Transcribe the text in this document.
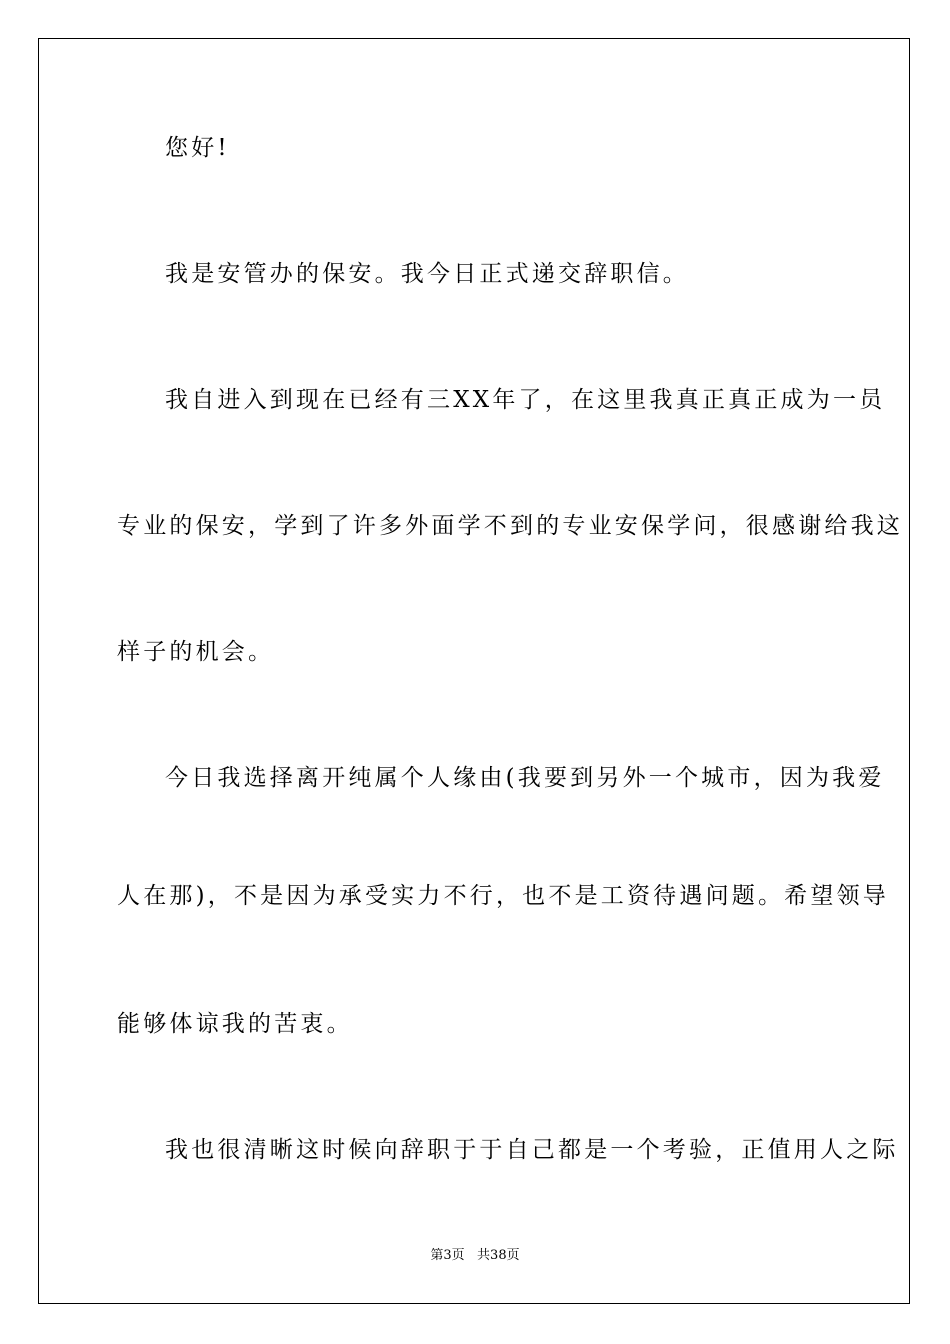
您好!
我是安管办的保安。我今日正式递交辞职信。
我自进入到现在已经有三XX年了，在这里我真正真正成为一员
专业的保安，学到了许多外面学不到的专业安保学问，很感谢给我这
样子的机会。
今日我选择离开纯属个人缘由(我要到另外一个城市，因为我爱
人在那)，不是因为承受实力不行，也不是工资待遇问题。希望领导
能够体谅我的苦衷。
我也很清晰这时候向辞职于于自己都是一个考验，正值用人之际
第3页   共38页
